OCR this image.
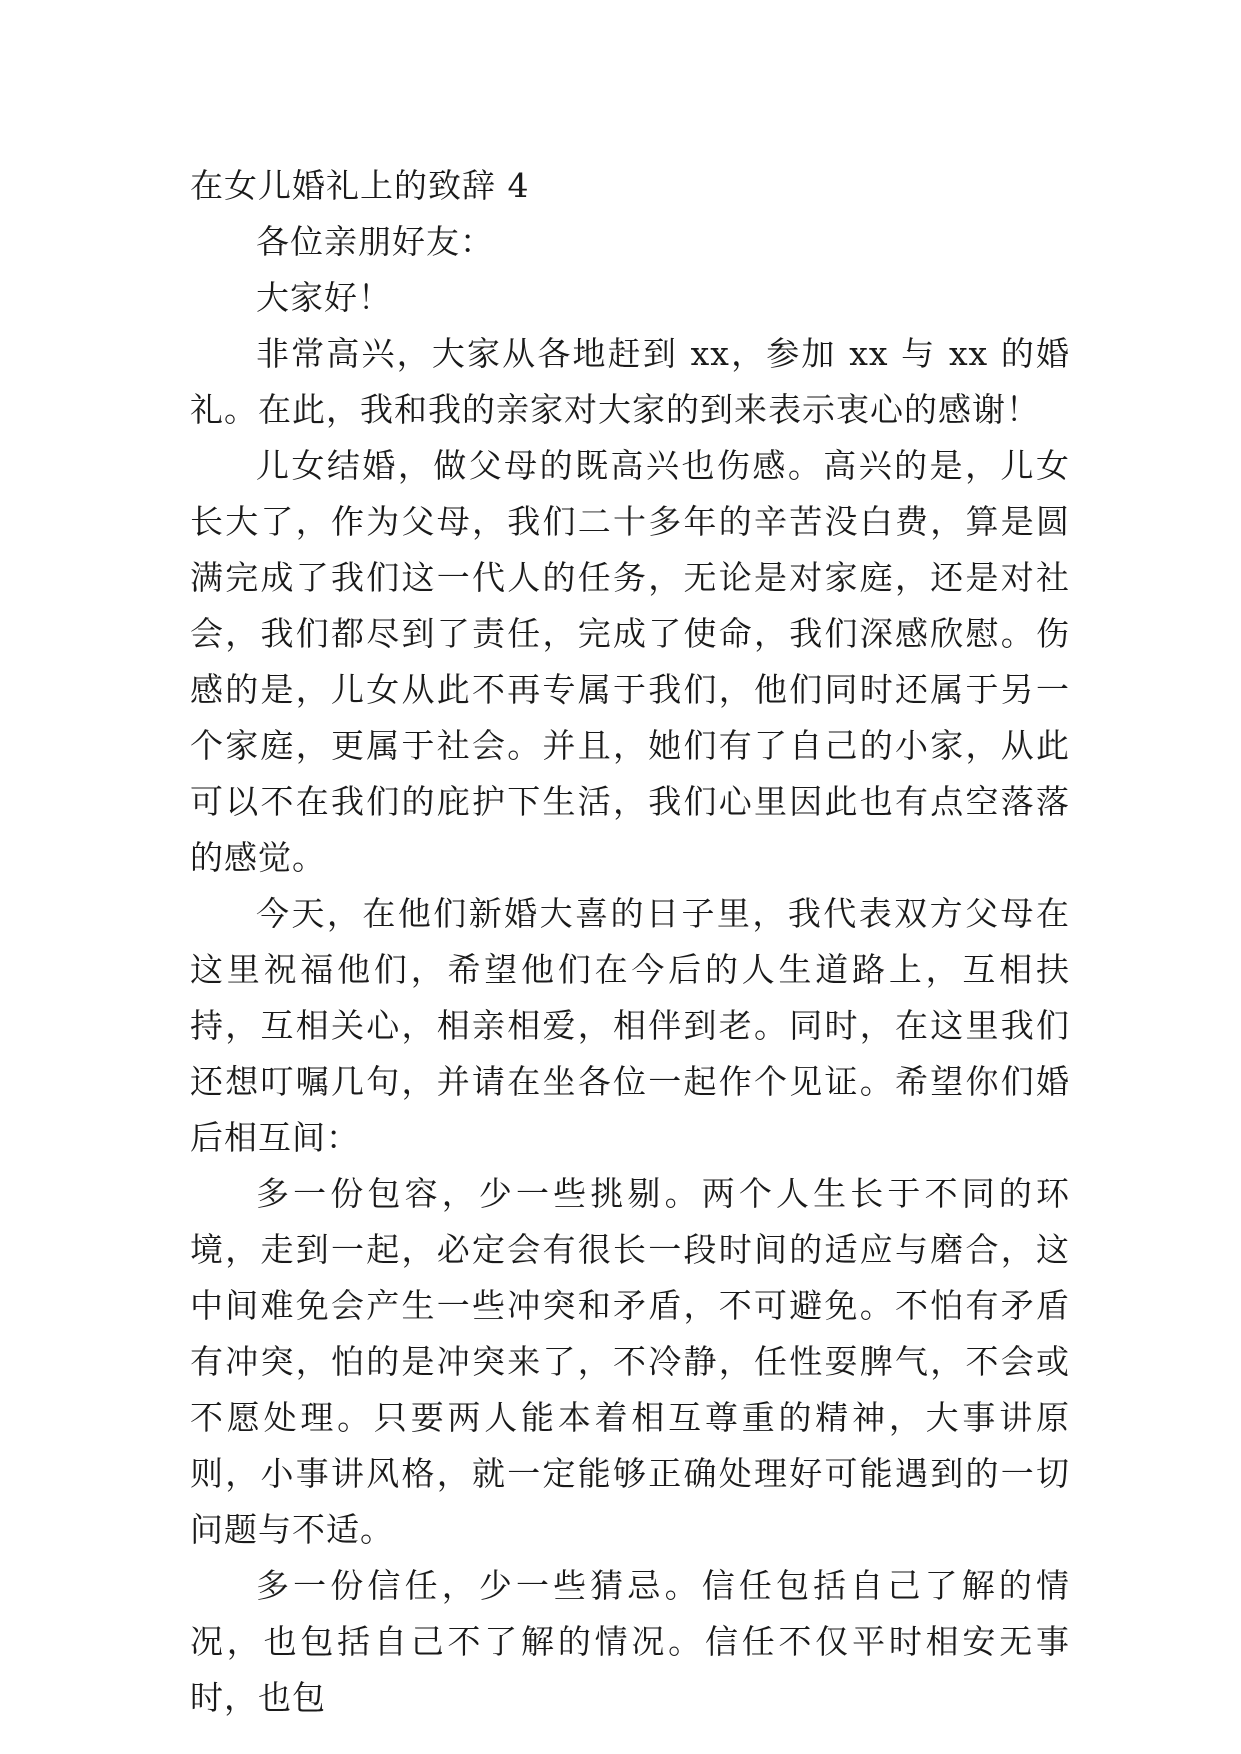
在女儿婚礼上的致辞 4

各位亲朋好友：

大家好！

非常高兴，大家从各地赶到 xx，参加 xx 与 xx 的婚礼。在此，我和我的亲家对大家的到来表示衷心的感谢！

儿女结婚，做父母的既高兴也伤感。高兴的是，儿女长大了，作为父母，我们二十多年的辛苦没白费，算是圆满完成了我们这一代人的任务，无论是对家庭，还是对社会，我们都尽到了责任，完成了使命，我们深感欣慰。伤感的是，儿女从此不再专属于我们，他们同时还属于另一个家庭，更属于社会。并且，她们有了自己的小家，从此可以不在我们的庇护下生活，我们心里因此也有点空落落的感觉。

今天，在他们新婚大喜的日子里，我代表双方父母在这里祝福他们，希望他们在今后的人生道路上，互相扶持，互相关心，相亲相爱，相伴到老。同时，在这里我们还想叮嘱几句，并请在坐各位一起作个见证。希望你们婚后相互间：

多一份包容，少一些挑剔。两个人生长于不同的环境，走到一起，必定会有很长一段时间的适应与磨合，这中间难免会产生一些冲突和矛盾，不可避免。不怕有矛盾有冲突，怕的是冲突来了，不冷静，任性耍脾气，不会或不愿处理。只要两人能本着相互尊重的精神，大事讲原则，小事讲风格，就一定能够正确处理好可能遇到的一切问题与不适。

多一份信任，少一些猜忌。信任包括自己了解的情况，也包括自己不了解的情况。信任不仅平时相安无事时，也包
